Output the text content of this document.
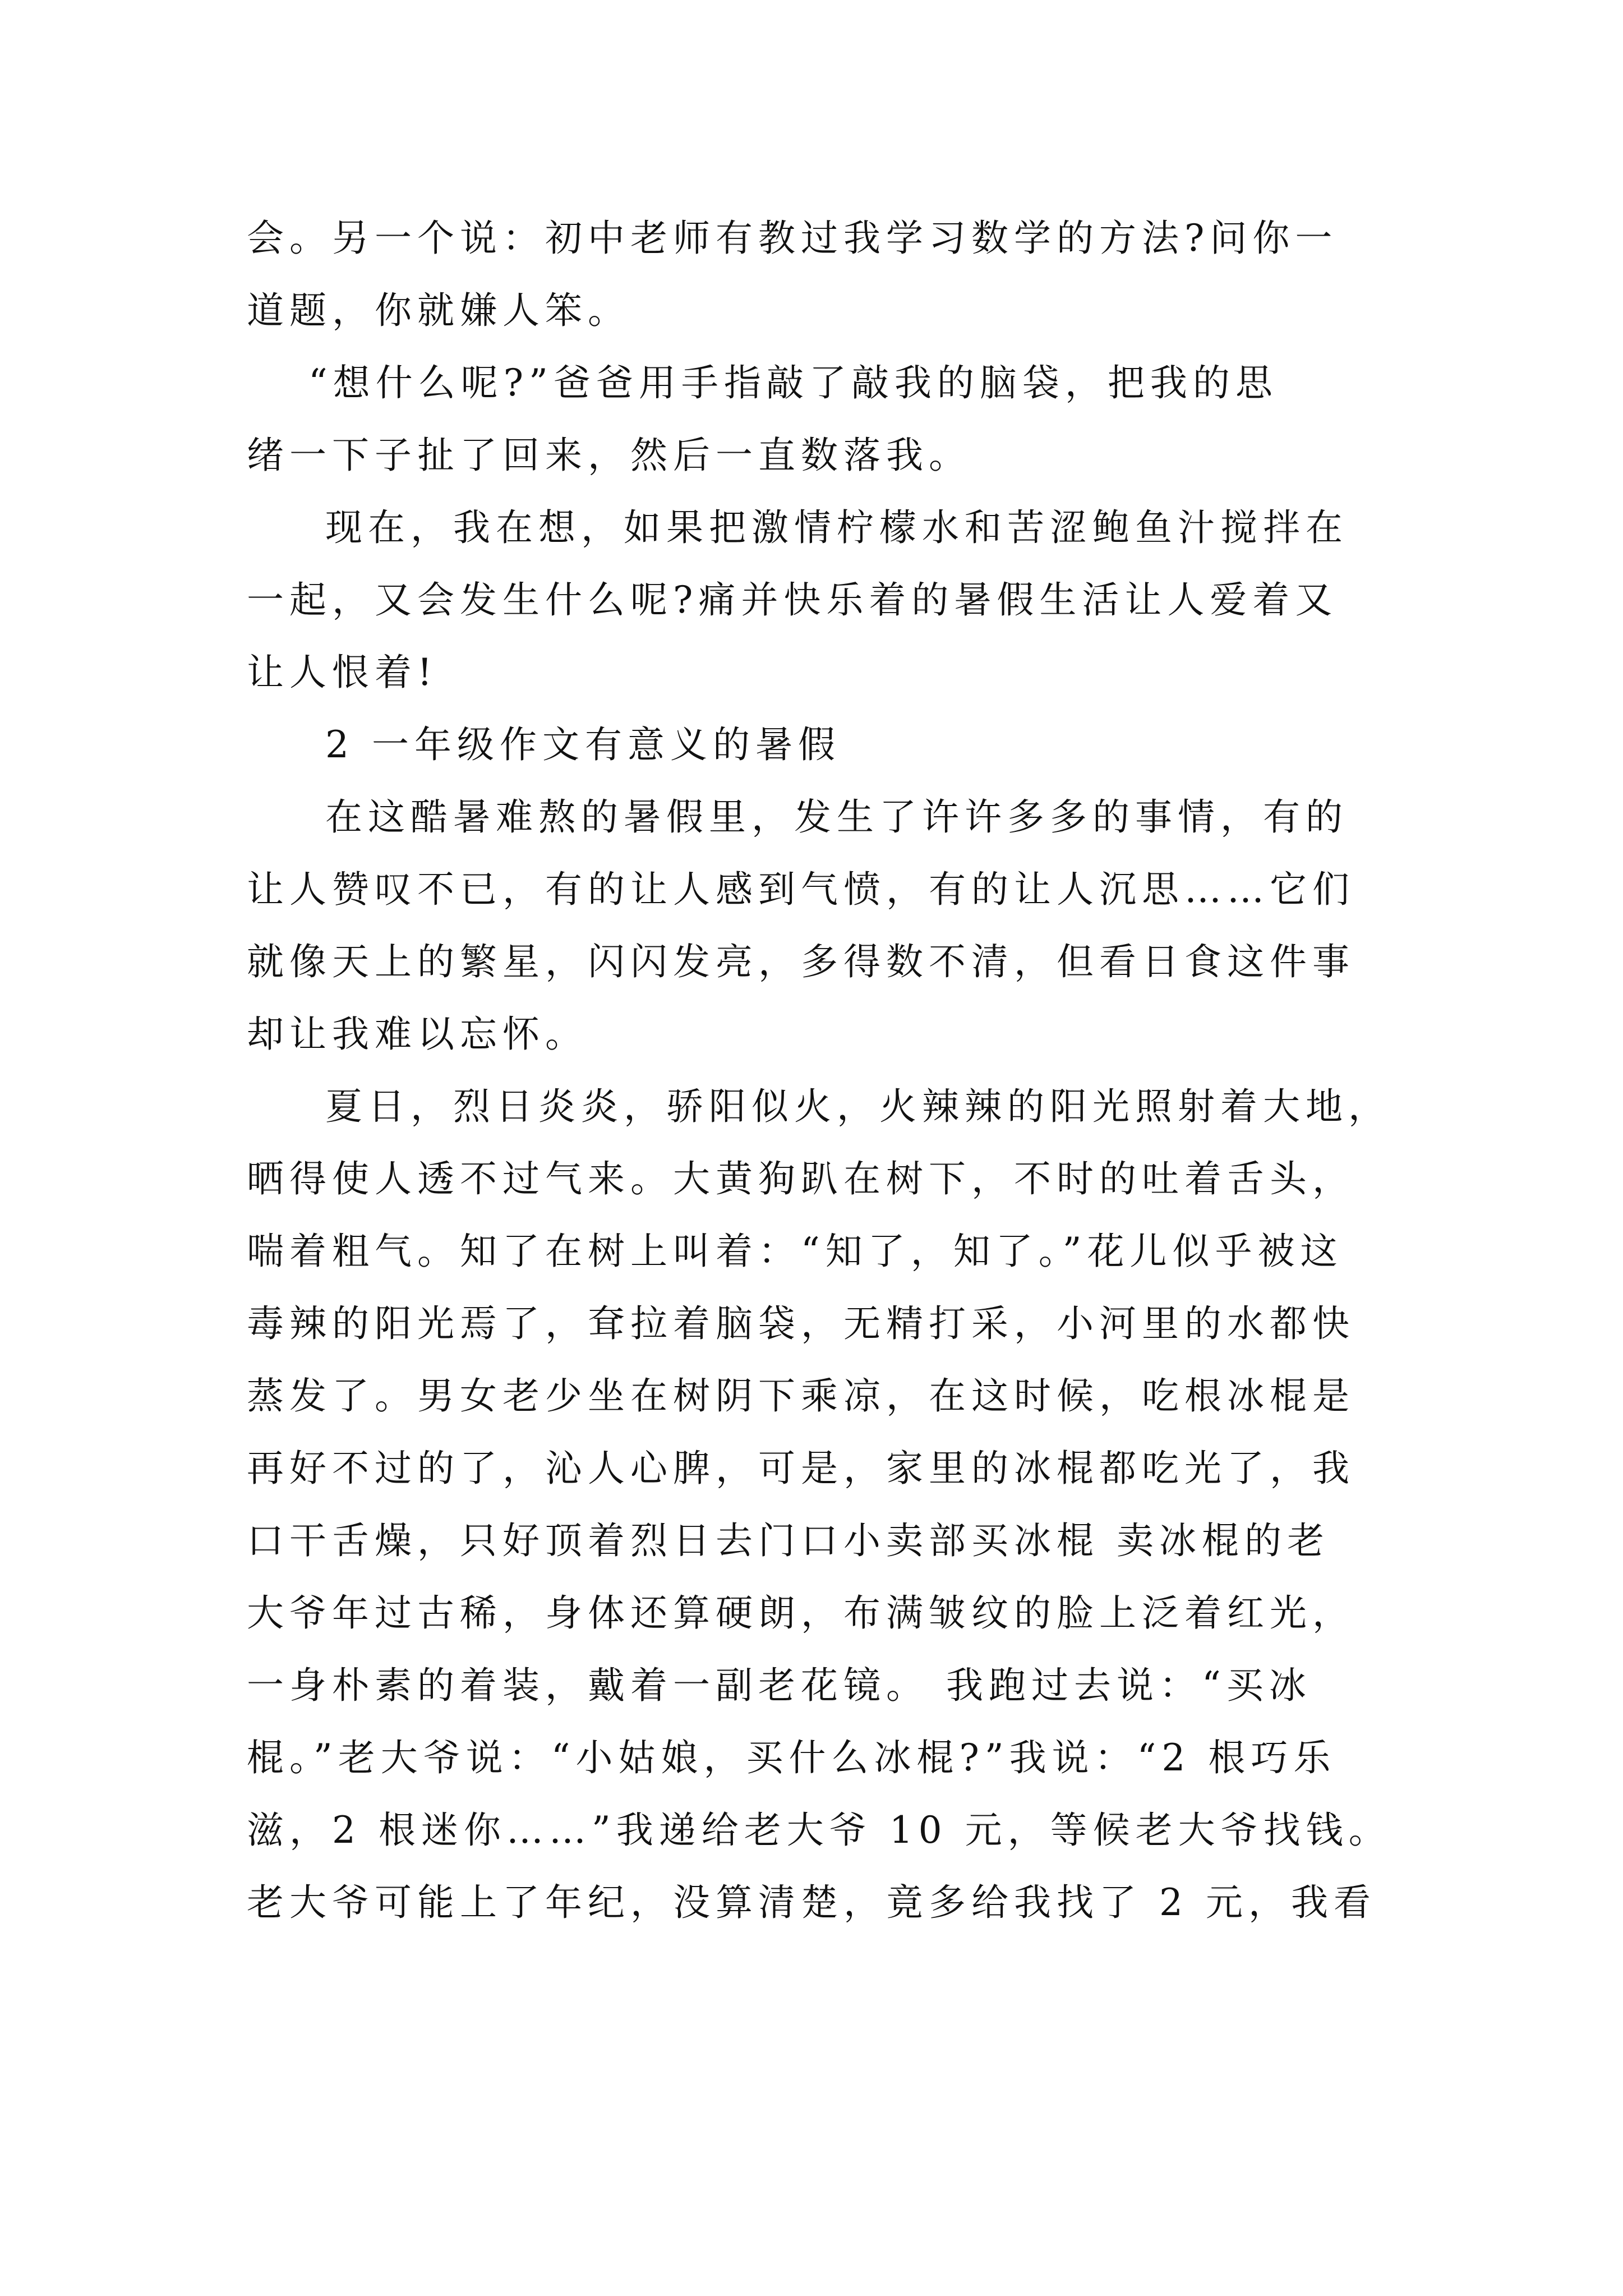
会。另一个说：初中老师有教过我学习数学的方法?问你一
道题，你就嫌人笨。
“想什么呢?”爸爸用手指敲了敲我的脑袋，把我的思
绪一下子扯了回来，然后一直数落我。
现在，我在想，如果把激情柠檬水和苦涩鲍鱼汁搅拌在
一起，又会发生什么呢?痛并快乐着的暑假生活让人爱着又
让人恨着!
2 一年级作文有意义的暑假
在这酷暑难熬的暑假里，发生了许许多多的事情，有的
让人赞叹不已，有的让人感到气愤，有的让人沉思……它们
就像天上的繁星，闪闪发亮，多得数不清，但看日食这件事
却让我难以忘怀。
夏日，烈日炎炎，骄阳似火，火辣辣的阳光照射着大地，
晒得使人透不过气来。大黄狗趴在树下，不时的吐着舌头，
喘着粗气。知了在树上叫着：“知了，知了。”花儿似乎被这
毒辣的阳光焉了，耷拉着脑袋，无精打采，小河里的水都快
蒸发了。男女老少坐在树阴下乘凉，在这时候，吃根冰棍是
再好不过的了，沁人心脾，可是，家里的冰棍都吃光了，我
口干舌燥，只好顶着烈日去门口小卖部买冰棍 卖冰棍的老
大爷年过古稀，身体还算硬朗，布满皱纹的脸上泛着红光，
一身朴素的着装，戴着一副老花镜。 我跑过去说：“买冰
棍。”老大爷说：“小姑娘，买什么冰棍?”我说：“2 根巧乐
滋，2 根迷你……”我递给老大爷 10 元，等候老大爷找钱。
老大爷可能上了年纪，没算清楚，竟多给我找了 2 元，我看
